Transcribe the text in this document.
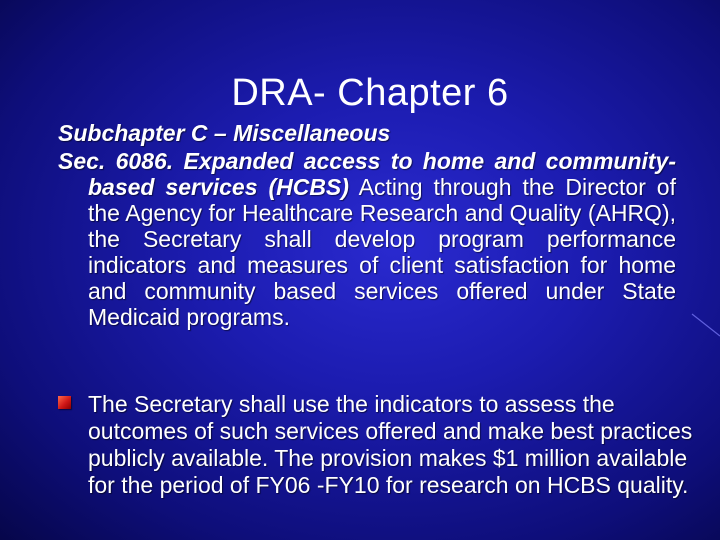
DRA- Chapter 6
Subchapter C – Miscellaneous
Sec. 6086. Expanded access to home and community-based services (HCBS) Acting through the Director of the Agency for Healthcare Research and Quality (AHRQ), the Secretary shall develop program performance indicators and measures of client satisfaction for home and community based services offered under State Medicaid programs.
The Secretary shall use the indicators to assess the outcomes of such services offered and make best practices publicly available. The provision makes $1 million available for the period of FY06 -FY10 for research on HCBS quality.
